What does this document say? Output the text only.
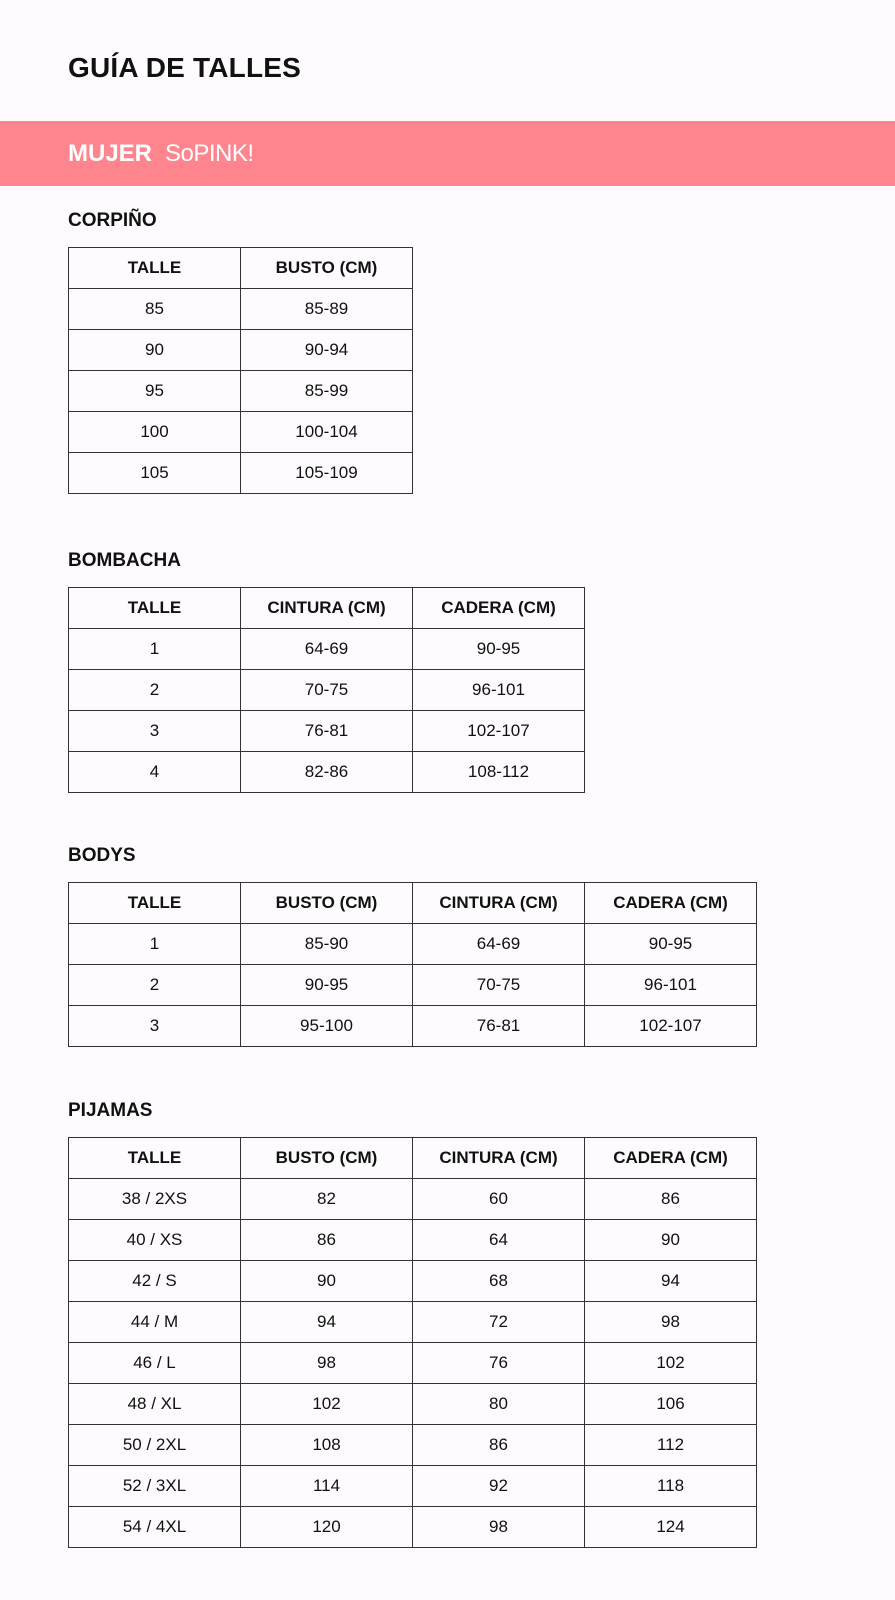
GUÍA DE TALLES
MUJER SoPINK!
CORPIÑO
TALLE	BUSTO (CM)
85	85-89
90	90-94
95	85-99
100	100-104
105	105-109
BOMBACHA
TALLE	CINTURA (CM)	CADERA (CM)
1	64-69	90-95
2	70-75	96-101
3	76-81	102-107
4	82-86	108-112
BODYS
TALLE	BUSTO (CM)	CINTURA (CM)	CADERA (CM)
1	85-90	64-69	90-95
2	90-95	70-75	96-101
3	95-100	76-81	102-107
PIJAMAS
TALLE	BUSTO (CM)	CINTURA (CM)	CADERA (CM)
38 / 2XS	82	60	86
40 / XS	86	64	90
42 / S	90	68	94
44 / M	94	72	98
46 / L	98	76	102
48 / XL	102	80	106
50 / 2XL	108	86	112
52 / 3XL	114	92	118
54 / 4XL	120	98	124
